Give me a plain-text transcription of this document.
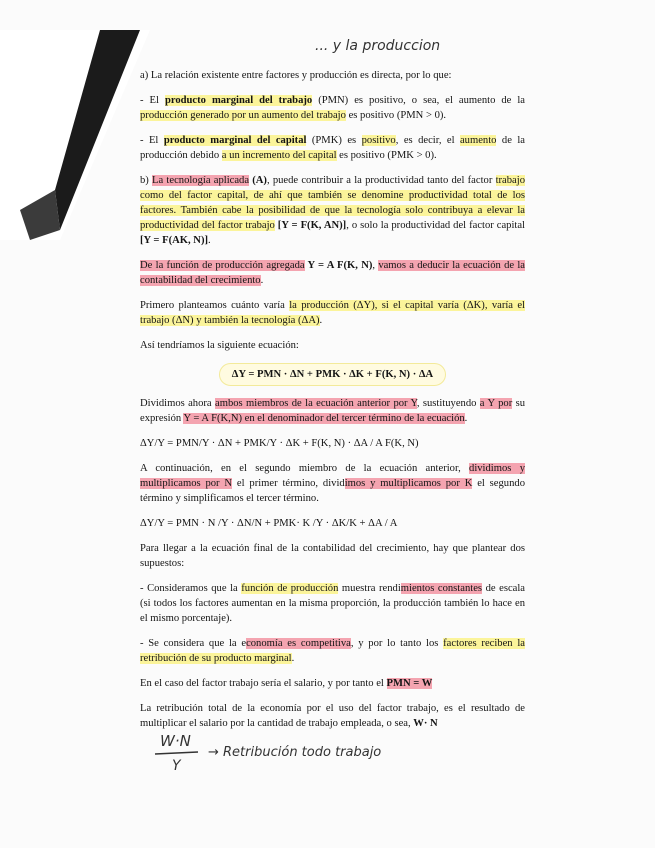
... y la produccion

a) La relación existente entre factores y producción es directa, por lo que:

- El producto marginal del trabajo (PMN) es positivo, o sea, el aumento de la producción generado por un aumento del trabajo es positivo (PMN > 0).

- El producto marginal del capital (PMK) es positivo, es decir, el aumento de la producción debido a un incremento del capital es positivo (PMK > 0).

b) La tecnología aplicada (A), puede contribuir a la productividad tanto del factor trabajo como del factor capital, de ahí que también se denomine productividad total de los factores. También cabe la posibilidad de que la tecnología solo contribuya a elevar la productividad del factor trabajo [Y = F(K, AN)], o solo la productividad del factor capital [Y = F(AK, N)].

De la función de producción agregada Y = A F(K, N), vamos a deducir la ecuación de la contabilidad del crecimiento.

Primero planteamos cuánto varía la producción (ΔY), si el capital varía (ΔK), varía el trabajo (ΔN) y también la tecnología (ΔA).

Así tendríamos la siguiente ecuación:

ΔY = PMN · ΔN + PMK · ΔK + F(K, N) · ΔA

Dividimos ahora ambos miembros de la ecuación anterior por Y, sustituyendo a Y por su expresión Y = A F(K,N) en el denominador del tercer término de la ecuación.

ΔY/Y = PMN/Y · ΔN + PMK/Y · ΔK + F(K, N) · ΔA / A F(K, N)

A continuación, en el segundo miembro de la ecuación anterior, dividimos y multiplicamos por N el primer término, dividimos y multiplicamos por K el segundo término y simplificamos el tercer término.

ΔY/Y = PMN · N /Y · ΔN/N + PMK· K /Y · ΔK/K + ΔA / A

Para llegar a la ecuación final de la contabilidad del crecimiento, hay que plantear dos supuestos:

- Consideramos que la función de producción muestra rendimientos constantes de escala (si todos los factores aumentan en la misma proporción, la producción también lo hace en el mismo porcentaje).

- Se considera que la economía es competitiva, y por lo tanto los factores reciben la retribución de su producto marginal.

En el caso del factor trabajo sería el salario, y por tanto el PMN = W

La retribución total de la economía por el uso del factor trabajo, es el resultado de multiplicar el salario por la cantidad de trabajo empleada, o sea, W· N

W·N
Y
→ Retribución todo trabajo
